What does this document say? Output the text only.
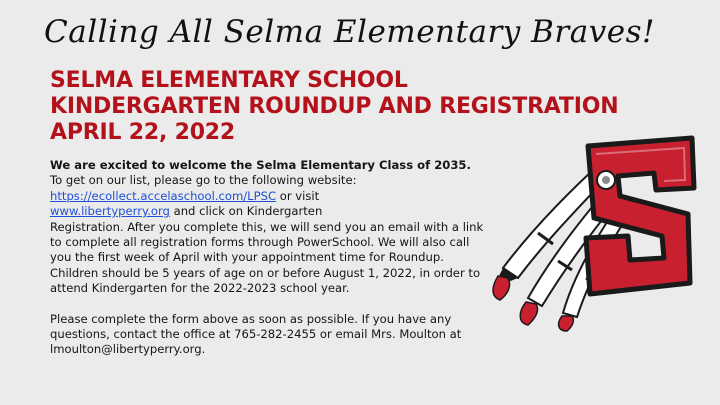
Calling All Selma Elementary Braves!
SELMA ELEMENTARY SCHOOL
KINDERGARTEN ROUNDUP AND REGISTRATION
APRIL 22, 2022
We are excited to welcome the Selma Elementary Class of 2035.
To get on our list, please go to the following website:
https://ecollect.accelaschool.com/LPSC or visit
www.libertyperry.org and click on Kindergarten
Registration. After you complete this, we will send you an email with a link to complete all registration forms through PowerSchool. We will also call you the first week of April with your appointment time for Roundup. Children should be 5 years of age on or before August 1, 2022, in order to attend Kindergarten for the 2022-2023 school year.
Please complete the form above as soon as possible. If you have any questions, contact the office at 765-282-2455 or email Mrs. Moulton at lmoulton@libertyperry.org.
